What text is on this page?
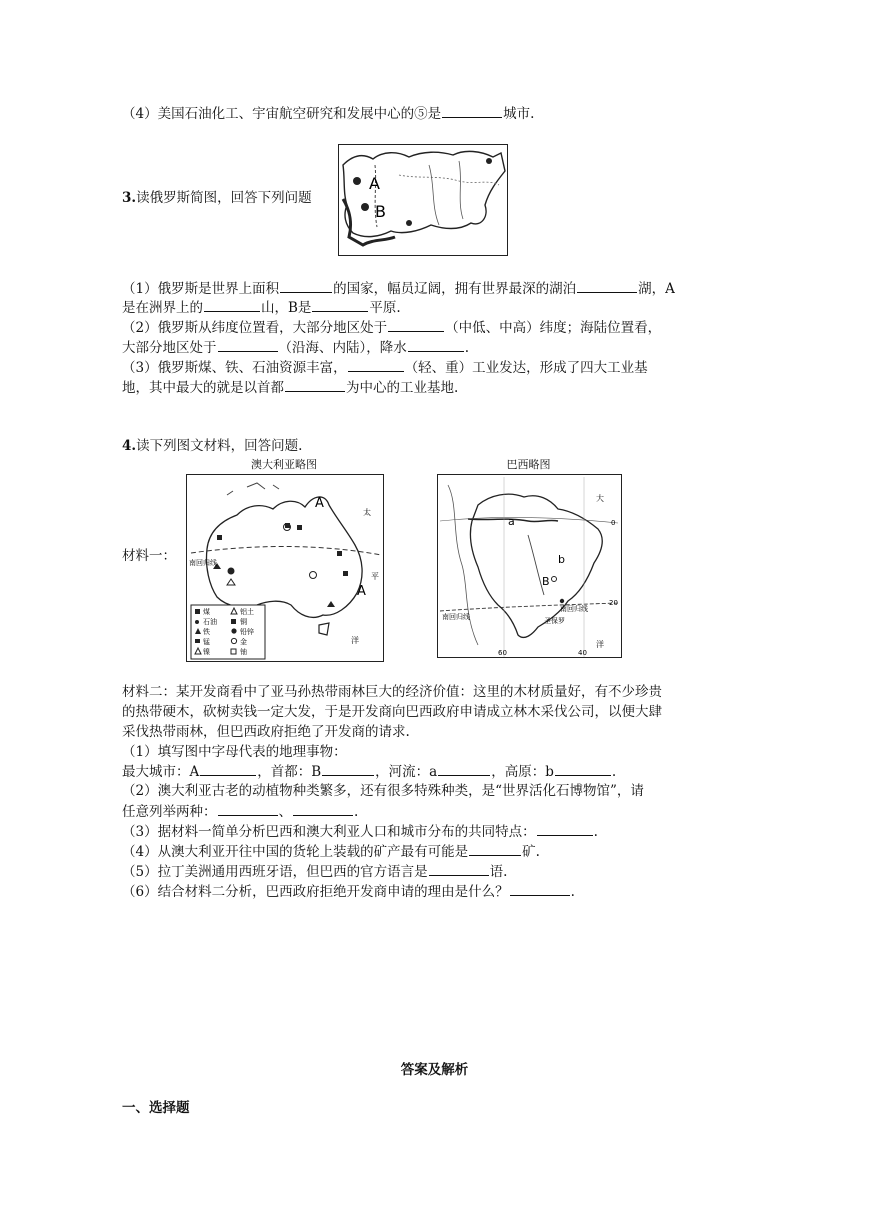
（4）美国石油化工、宇宙航空研究和发展中心的⑤是	城市.
3.读俄罗斯简图，回答下列问题
A
B
（1）俄罗斯是世界上面积	的国家，幅员辽阔，拥有世界最深的湖泊	湖，A
是在洲界上的	山，B是	平原.
（2）俄罗斯从纬度位置看，大部分地区处于	（中低、中高）纬度；海陆位置看，
大部分地区处于	（沿海、内陆），降水	.
（3）俄罗斯煤、铁、石油资源丰富，	（轻、重）工业发达，形成了四大工业基
地，其中最大的就是以首都	为中心的工业基地.
4.读下列图文材料，回答问题.
材料一：
澳大利亚略图
A
A
太
平
洋
南回归线
煤	铝土
石油	铜
铁	铅锌
锰	金
镍	铀
巴西略图
a
b
B
大
南回归线
南回归线
圣保罗
洋
60	40
0
20
材料二：某开发商看中了亚马孙热带雨林巨大的经济价值：这里的木材质量好，有不少珍贵
的热带硬木，砍树卖钱一定大发，于是开发商向巴西政府申请成立林木采伐公司，以便大肆
采伐热带雨林，但巴西政府拒绝了开发商的请求.
（1）填写图中字母代表的地理事物：
最大城市：A	，首都：B	，河流：a	，高原：b	.
（2）澳大利亚古老的动植物种类繁多，还有很多特殊种类，是“世界活化石博物馆”，请
任意列举两种：	、	.
（3）据材料一简单分析巴西和澳大利亚人口和城市分布的共同特点：	.
（4）从澳大利亚开往中国的货轮上装载的矿产最有可能是	矿.
（5）拉丁美洲通用西班牙语，但巴西的官方语言是	语.
（6）结合材料二分析，巴西政府拒绝开发商申请的理由是什么？	.
答案及解析
一、选择题
